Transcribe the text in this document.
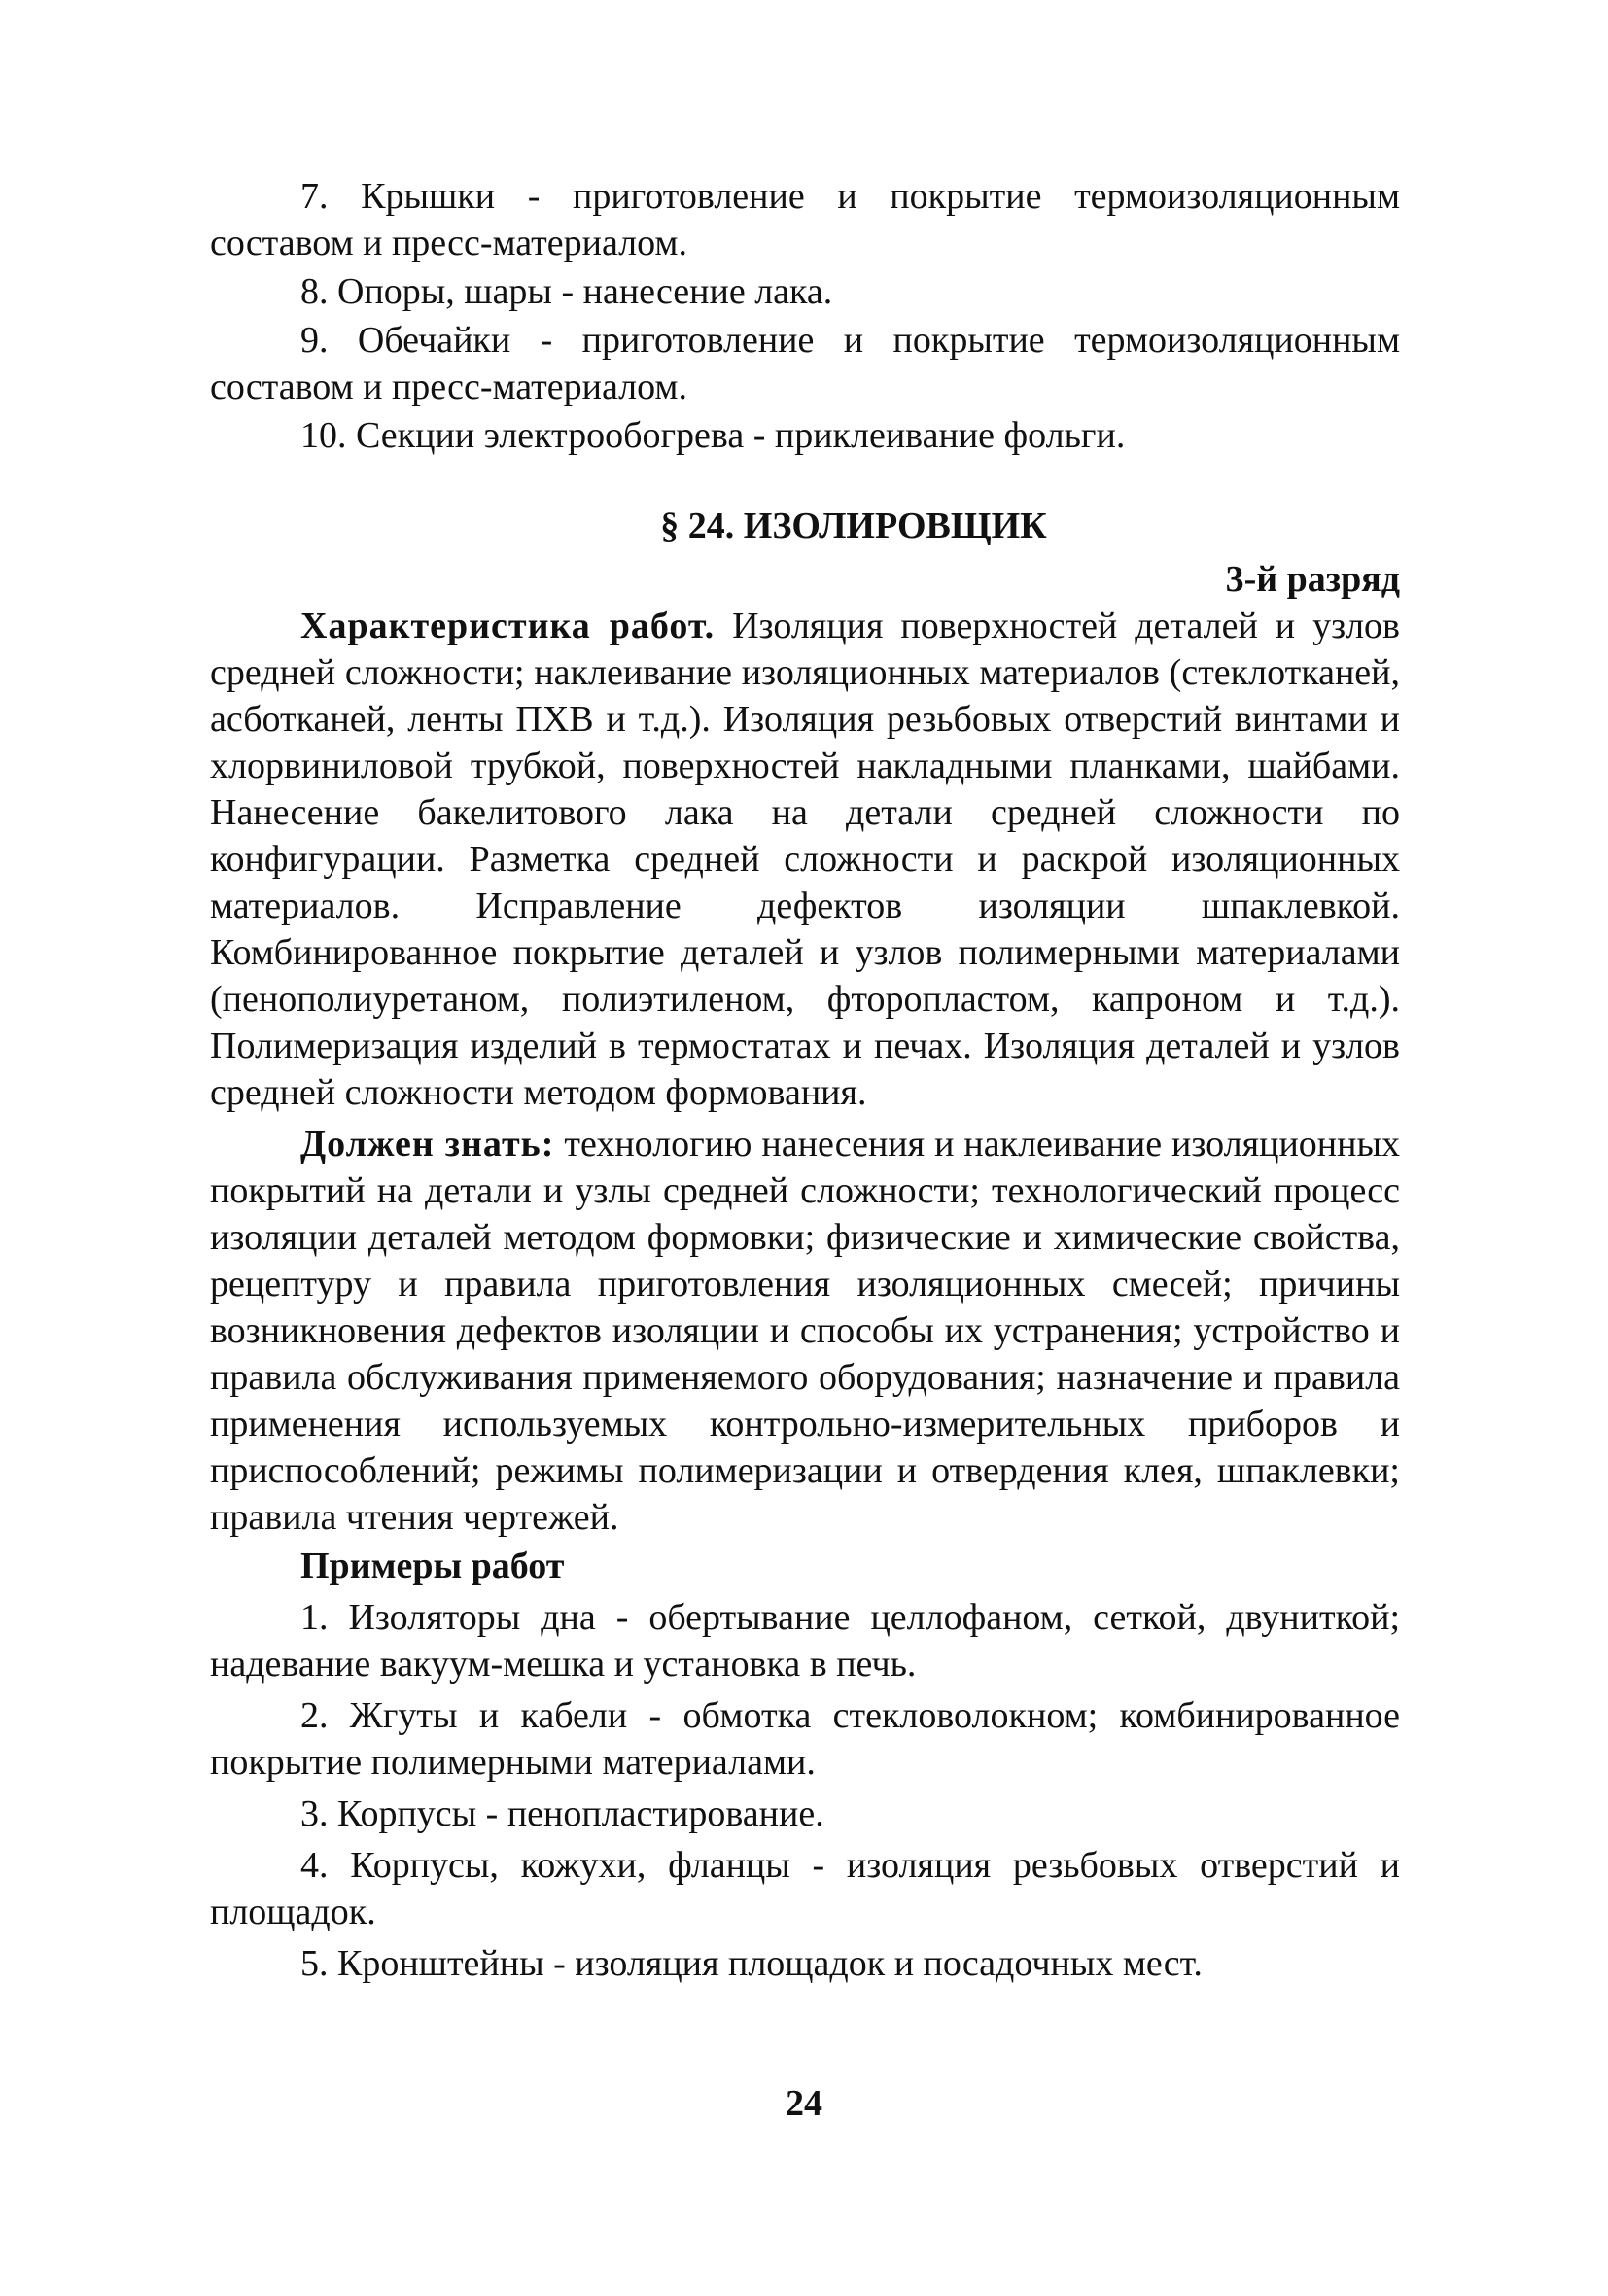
7. Крышки - приготовление и покрытие термоизоляционным составом и пресс-материалом.

8. Опоры, шары - нанесение лака.

9. Обечайки - приготовление и покрытие термоизоляционным составом и пресс-материалом.

10. Секции электрообогрева - приклеивание фольги.

§ 24. ИЗОЛИРОВЩИК
3-й разряд

Характеристика работ. Изоляция поверхностей деталей и узлов средней сложности; наклеивание изоляционных материалов (стеклотканей, асботканей, ленты ПХВ и т.д.). Изоляция резьбовых отверстий винтами и хлорвиниловой трубкой, поверхностей накладными планками, шайбами. Нанесение бакелитового лака на детали средней сложности по конфигурации. Разметка средней сложности и раскрой изоляционных материалов. Исправление дефектов изоляции шпаклевкой. Комбинированное покрытие деталей и узлов полимерными материалами (пенополиуретаном, полиэтиленом, фторопластом, капроном и т.д.). Полимеризация изделий в термостатах и печах. Изоляция деталей и узлов средней сложности методом формования.

Должен знать: технологию нанесения и наклеивание изоляционных покрытий на детали и узлы средней сложности; технологический процесс изоляции деталей методом формовки; физические и химические свойства, рецептуру и правила приготовления изоляционных смесей; причины возникновения дефектов изоляции и способы их устранения; устройство и правила обслуживания применяемого оборудования; назначение и правила применения используемых контрольно-измерительных приборов и приспособлений; режимы полимеризации и отвердения клея, шпаклевки; правила чтения чертежей.

Примеры работ

1. Изоляторы дна - обертывание целлофаном, сеткой, двуниткой; надевание вакуум-мешка и установка в печь.

2. Жгуты и кабели - обмотка стекловолокном; комбинированное покрытие полимерными материалами.

3. Корпусы - пенопластирование.

4. Корпусы, кожухи, фланцы - изоляция резьбовых отверстий и площадок.

5. Кронштейны - изоляция площадок и посадочных мест.

24
